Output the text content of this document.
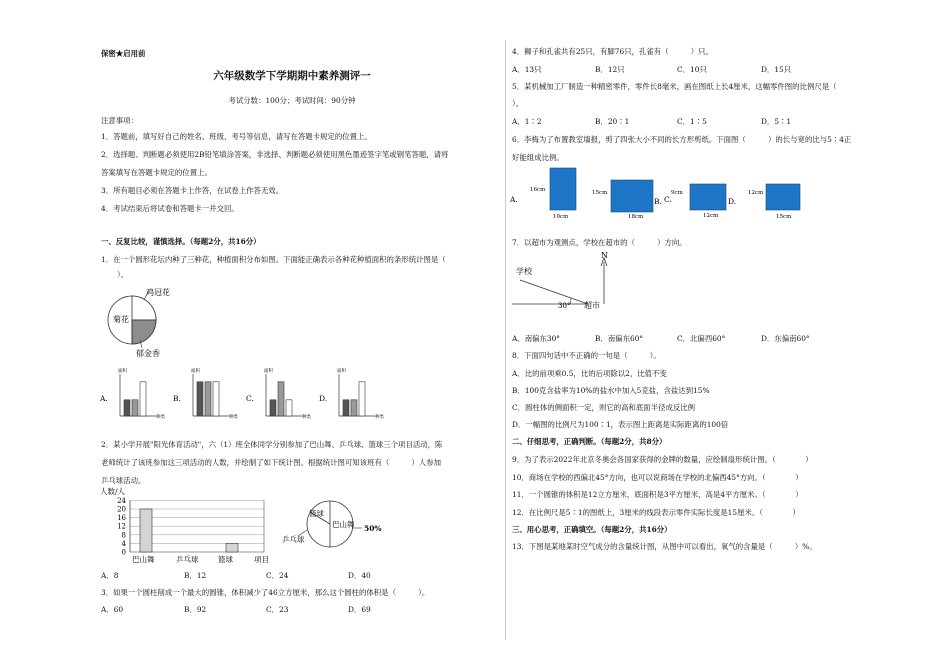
保密★启用前
六年级数学下学期期中素养测评一
考试分数：100分；考试时间：90分钟
注意事项：
1．答题前，填写好自己的姓名、班级、考号等信息，请写在答题卡规定的位置上。
2．选择题、判断题必须使用2B铅笔填涂答案，非选择、判断题必须使用黑色墨迹签字笔或钢笔答题，请将
答案填写在答题卡规定的位置上。
3．所有题目必须在答题卡上作答，在试卷上作答无效。
4．考试结束后将试卷和答题卡一并交回。
一、反复比较，谨慎选择。（每题2分，共16分）
1．在一个圆形花坛内种了三种花，种植面积分布如图。下面能正确表示各种花种植面积的条形统计图是（
）。
鸡冠花
菊花
郁金香
A.
面积
种类
B.
面积
种类
C.
面积
种类
D.
面积
种类
2．某小学开展"阳光体育活动"，六（1）班全体同学分别参加了巴山舞、乒乓球、篮球三个项目活动，陈
老师统计了该班参加这三项活动的人数，并绘制了如下统计图。根据统计图可知该班有（　　　）人参加
乒乓球活动。
人数/人
24
20
16
12
8
4
0
巴山舞	乒乓球	篮球	项目
篮球
巴山舞
乒乓球
50%
A．8	B．12	C．24	D．40
3．如果一个圆柱削成一个最大的圆锥，体积减少了46立方厘米，那么这个圆柱的体积是（　　　）。
A．60	B．92	C．23	D．69
4．狮子和孔雀共有25只，有脚76只，孔雀有（　　　）只。
A．13只	B．12只	C．10只	D．15只
5．某机械加工厂制造一种精密零件，零件长8毫米，画在图纸上长4厘米，这幅零件图的比例尺是（
）。
A．1∶2	B．20∶1	C．1∶5	D．5∶1
6．李梅为了布置教室墙报，剪了四张大小不同的长方形剪纸。下面图（　　　）的长与宽的比与5∶4正
好能组成比例。
A.
16cm
10cm
15cm
B.
18cm
C.
9cm
12cm
D.
12cm
15cm
7．以超市为观测点，学校在超市的（　　　）方向。
N
学校
30° 超市
A．南偏东30°	B．南偏东60°	C．北偏西60°	D．东偏南60°
8．下面四句话中不正确的一句是（　　　）。
A．比的前项乘0.5，比的后项除以2，比值不变
B．100克含盐率为10%的盐水中加入5克盐，含盐达到15%
C．圆柱体的侧面积一定，则它的高和底面半径成反比例
D．一幅图的比例尺为100∶1，表示图上距离是实际距离的100倍
二、仔细思考，正确判断。（每题2分，共8分）
9．为了表示2022年北京冬奥会各国家获得的金牌的数量，应绘制扇形统计图。（　　　　）
10．商场在学校的西偏北45°方向，也可以说商场在学校的北偏西45°方向。（　　　　）
11．一个圆锥的体积是12立方厘米，底面积是3平方厘米，高是4平方厘米。（　　　　）
12．在比例尺是5∶1的图纸上，3厘米的线段表示零件实际长度是15厘米。（　　　　）
三、用心思考，正确填空。（每题2分，共16分）
13．下图是某地某时空气成分的含量统计图，从图中可以看出，氧气的含量是（　　　）%。
